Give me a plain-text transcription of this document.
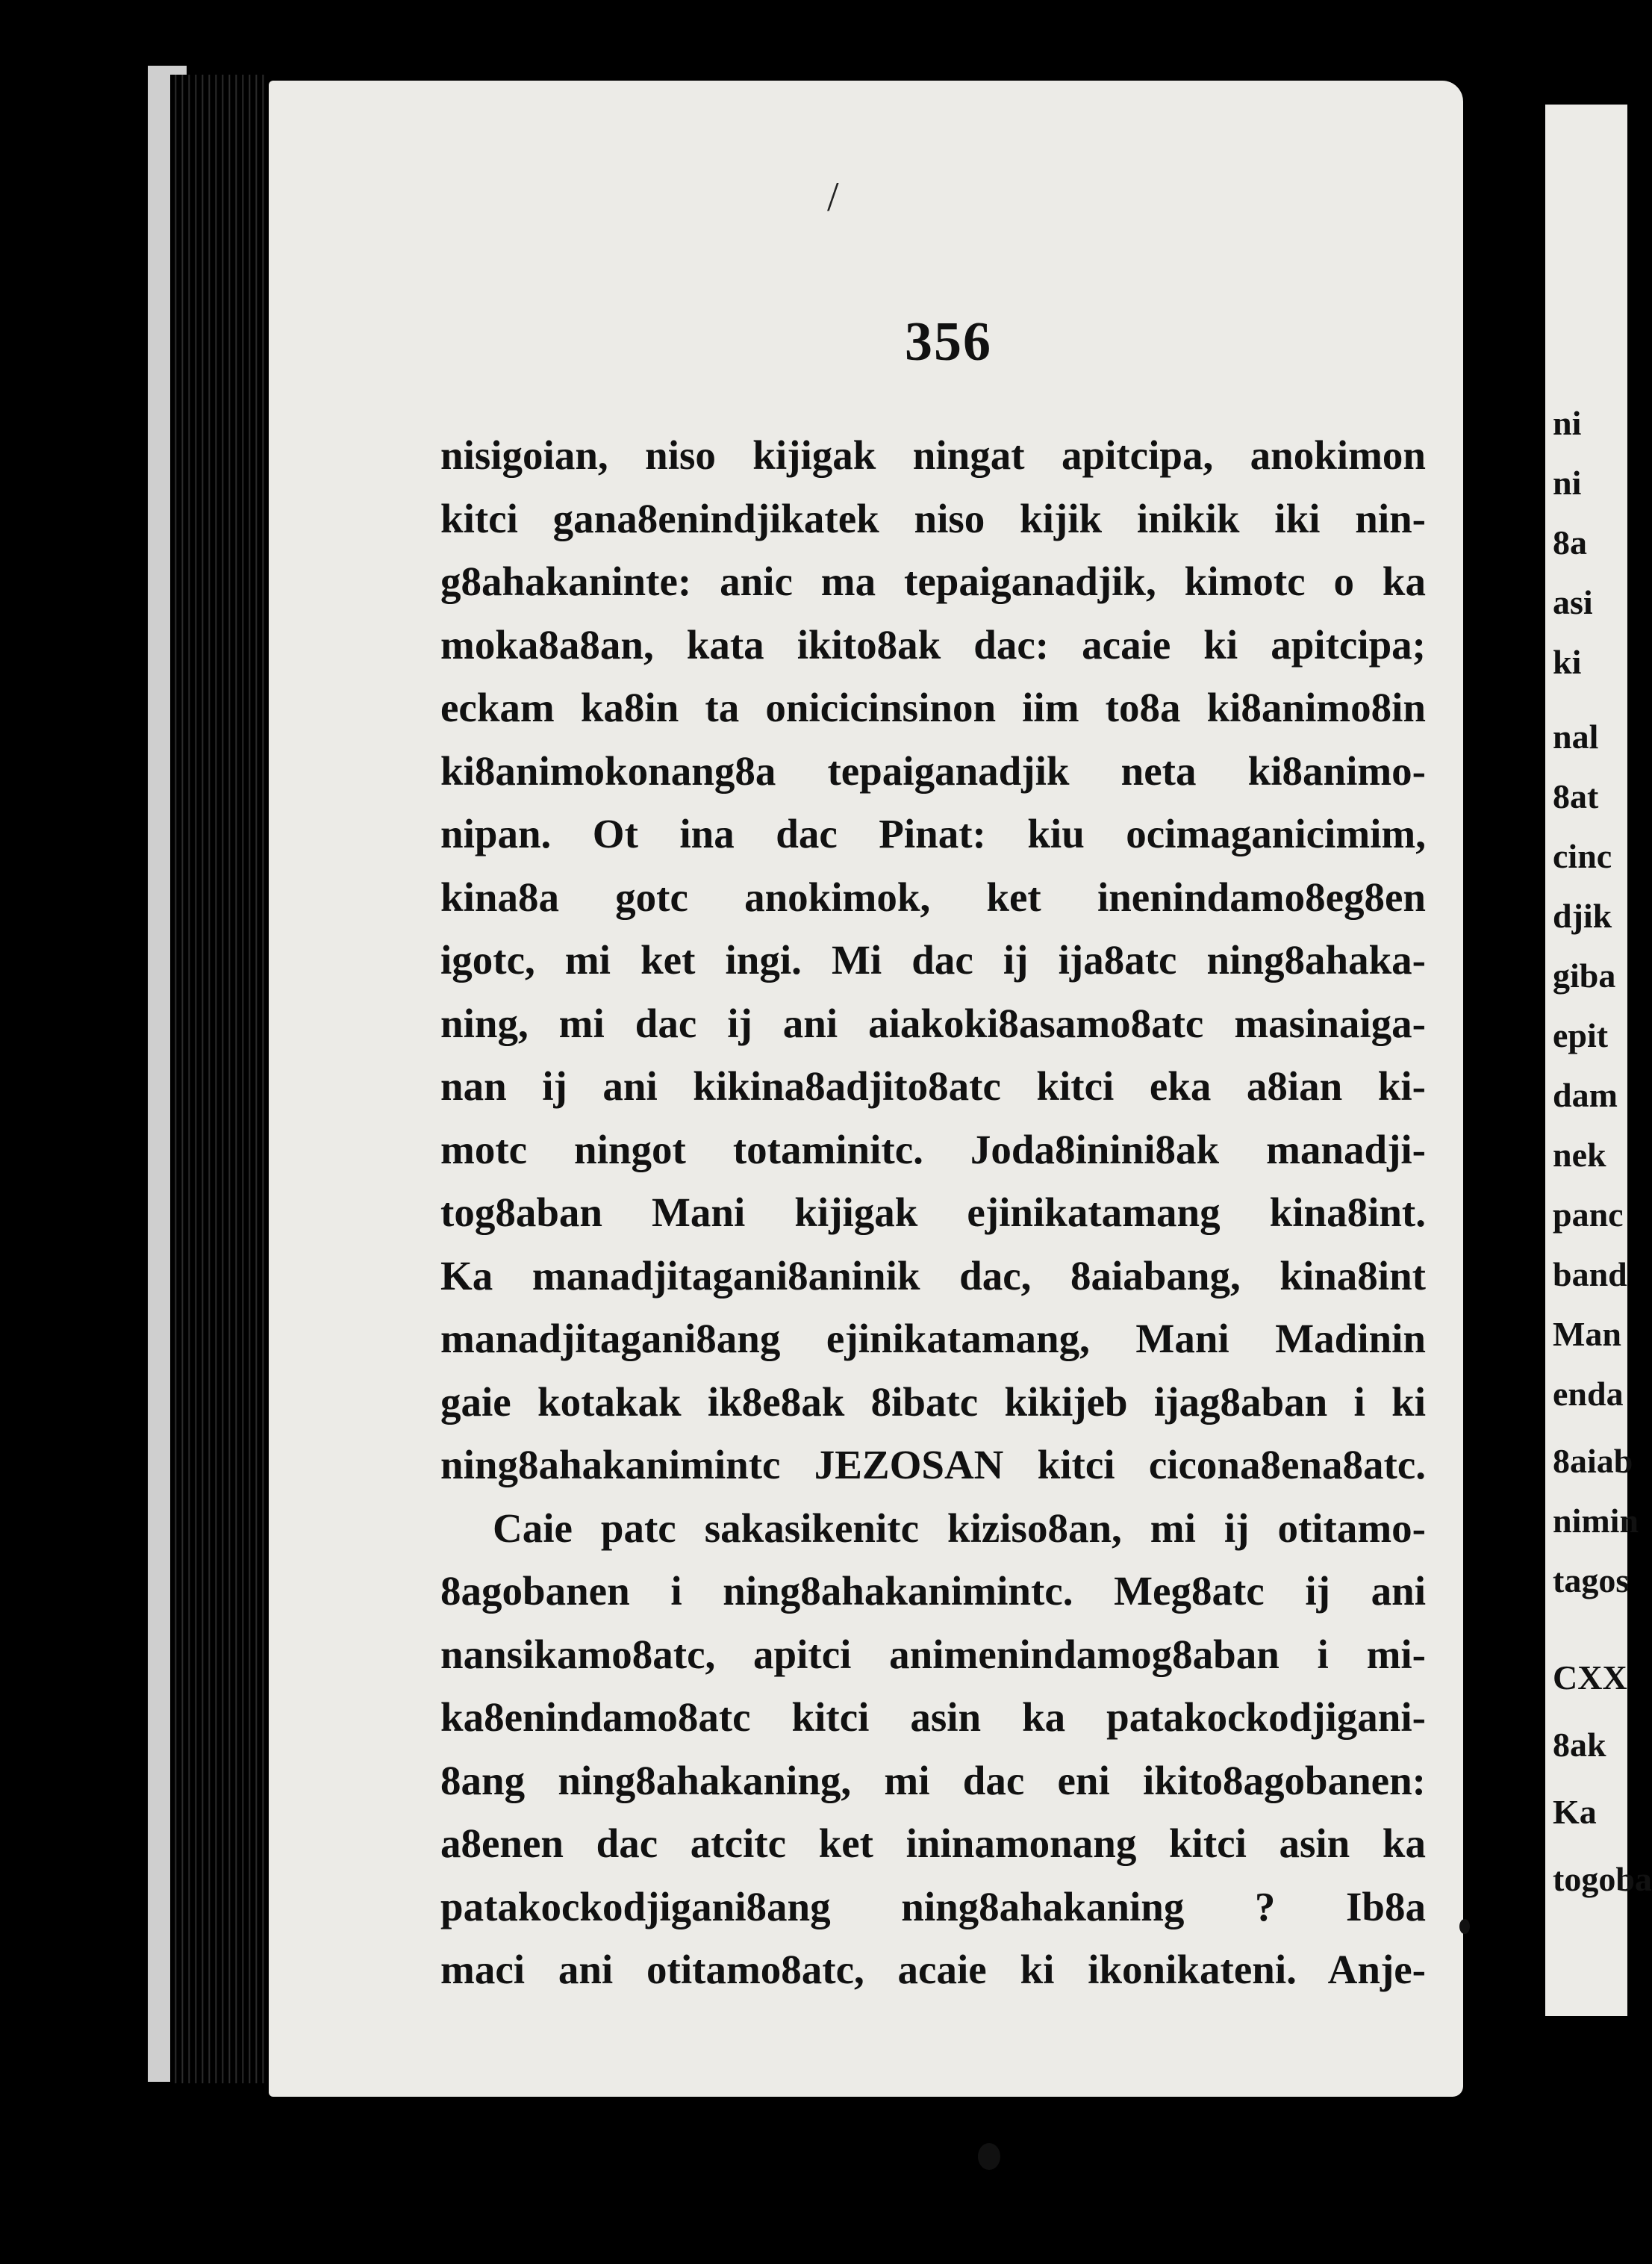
/
356
nisigoian, niso kijigak ningat apitcipa, anokimon
kitci gana8enindjikatek niso kijik inikik iki nin-
g8ahakaninte: anic ma tepaiganadjik, kimotc o ka
moka8a8an, kata ikito8ak dac: acaie ki apitcipa;
eckam ka8in ta onicicinsinon iim to8a ki8animo8in
ki8animokonang8a tepaiganadjik neta ki8animo-
nipan. Ot ina dac Pinat: kiu ocimaganicimim,
kina8a gotc anokimok, ket inenindamo8eg8en
igotc, mi ket ingi. Mi dac ij ija8atc ning8ahaka-
ning, mi dac ij ani aiakoki8asamo8atc masinaiga-
nan ij ani kikina8adjito8atc kitci eka a8ian ki-
motc ningot totaminitc. Joda8inini8ak manadji-
tog8aban Mani kijigak ejinikatamang kina8int.
Ka manadjitagani8aninik dac, 8aiabang, kina8int
manadjitagani8ang ejinikatamang, Mani Madinin
gaie kotakak ik8e8ak 8ibatc kikijeb ijag8aban i ki
ning8ahakanimintc JEZOSAN kitci cicona8ena8atc.
Caie patc sakasikenitc kiziso8an, mi ij otitamo-
8agobanen i ning8ahakanimintc. Meg8atc ij ani
nansikamo8atc, apitci animenindamog8aban i mi-
ka8enindamo8atc kitci asin ka patakockodjigani-
8ang ning8ahakaning, mi dac eni ikito8agobanen:
a8enen dac atcitc ket ininamonang kitci asin ka
patakockodjigani8ang ning8ahakaning ? Ib8a
maci ani otitamo8atc, acaie ki ikonikateni. Anje-
ni
ni
8a
asi
ki
nal
8at
cinc
djik
giba
epit
dam
nek
panc
band
Man
enda
8aiab
nimin
tagos
CXX
8ak
Ka
togoba
